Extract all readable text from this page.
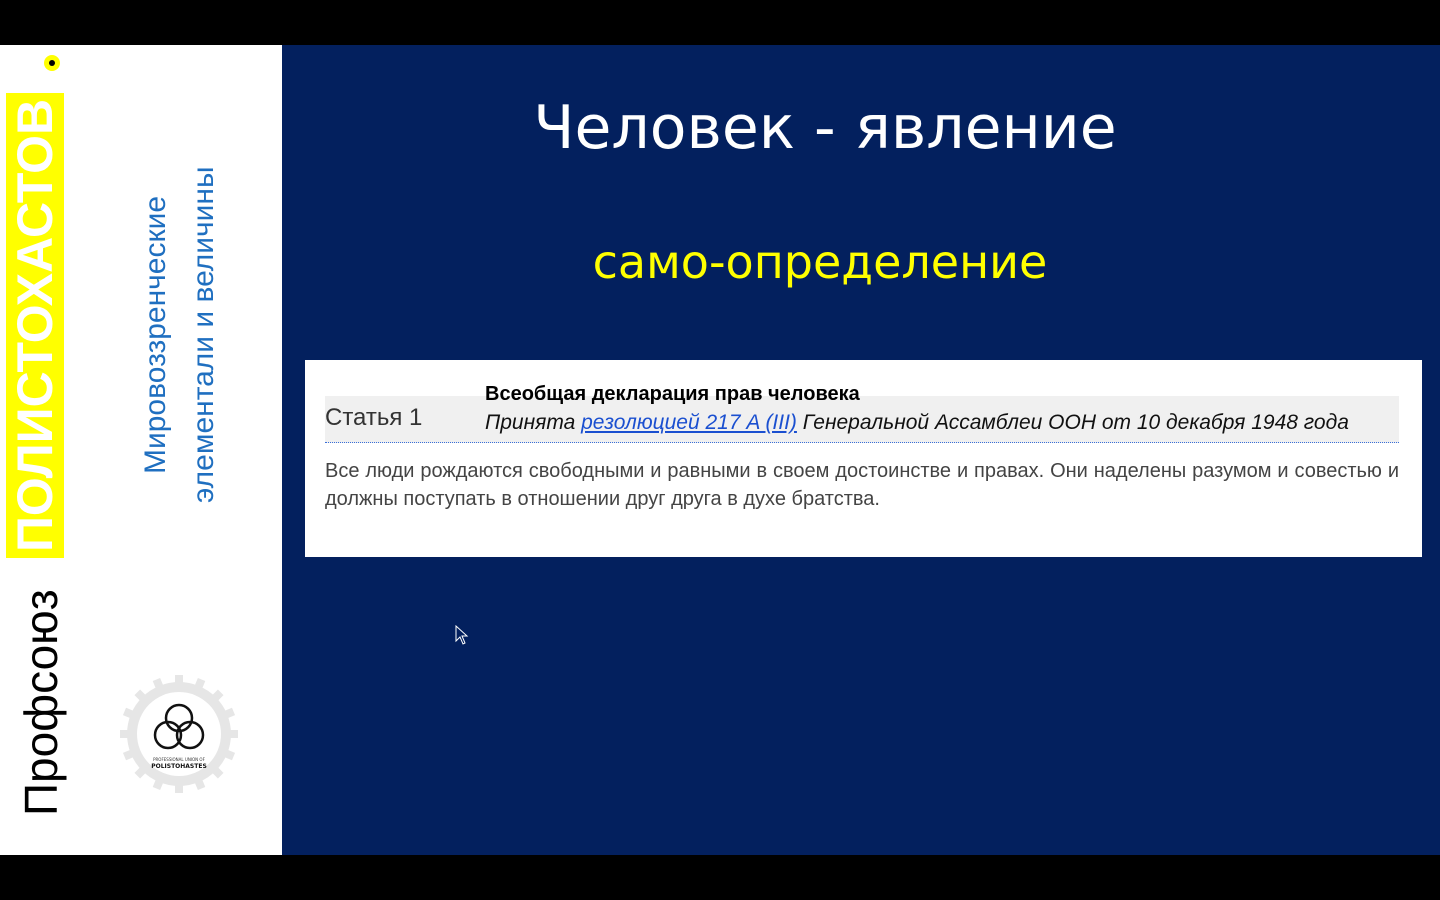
Профсоюз
ПОЛИСТОХАСТОВ	Мировоззренческие элементали и величины
PROFESSIONAL UNION OF
POLISTOHASTES
Человек - явление
само-определение
Статья 1
Всеобщая декларация прав человека
Принята резолюцией 217 A (III) Генеральной Ассамблеи ООН от 10 декабря 1948 года
Все люди рождаются свободными и равными в своем достоинстве и правах. Они наделены разумом и совестью и должны поступать в отношении друг друга в духе братства.
